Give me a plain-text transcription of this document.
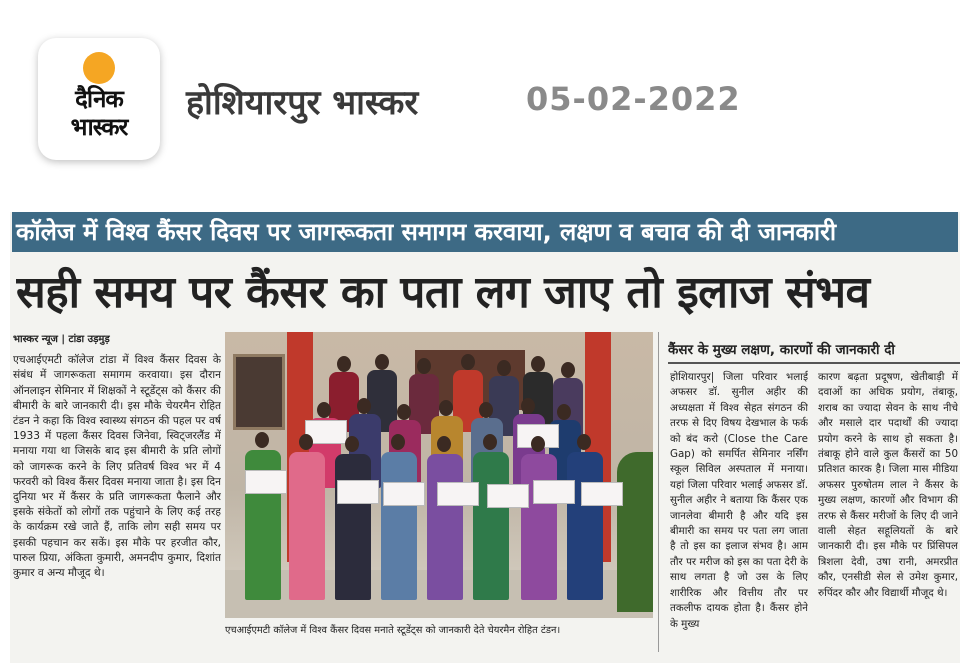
दैनिक
भास्कर
होशियारपुर भास्कर	05-02-2022
कॉलेज में विश्व कैंसर दिवस पर जागरूकता समागम करवाया, लक्षण व बचाव की दी जानकारी
सही समय पर कैंसर का पता लग जाए तो इलाज संभव
भास्कर न्यूज | टांडा उड़मुड़
एचआईएमटी कॉलेज टांडा में विश्व कैंसर दिवस के संबंध में जागरूकता समागम करवाया। इस दौरान ऑनलाइन सेमिनार में शिक्षकों ने स्टूडेंट्स को कैंसर की बीमारी के बारे जानकारी दी। इस मौके चेयरमैन रोहित टंडन ने कहा कि विश्व स्वास्थ्य संगठन की पहल पर वर्ष 1933 में पहला कैंसर दिवस जिनेवा, स्विट्जरलैंड में मनाया गया था जिसके बाद इस बीमारी के प्रति लोगों को जागरूक करने के लिए प्रतिवर्ष विश्व भर में 4 फरवरी को विश्व कैंसर दिवस मनाया जाता है। इस दिन दुनिया भर में कैंसर के प्रति जागरूकता फैलाने और इसके संकेतों को लोगों तक पहुंचाने के लिए कई तरह के कार्यक्रम रखे जाते हैं, ताकि लोग सही समय पर इसकी पहचान कर सकें। इस मौके पर हरजीत कौर, पारुल प्रिया, अंकिता कुमारी, अमनदीप कुमार, दिशांत कुमार व अन्य मौजूद थे।
एचआईएमटी कॉलेज में विश्व कैंसर दिवस मनाते स्टूडेंट्स को जानकारी देते चेयरमैन रोहित टंडन।
कैंसर के मुख्य लक्षण, कारणों की जानकारी दी
होशियारपुर| जिला परिवार भलाई अफसर डॉ. सुनील अहीर की अध्यक्षता में विश्व सेहत संगठन की तरफ से दिए विषय देखभाल के फर्क को बंद करो (Close the Care Gap) को समर्पित सेमिनार नर्सिंग स्कूल सिविल अस्पताल में मनाया। यहां जिला परिवार भलाई अफसर डॉ. सुनील अहीर ने बताया कि कैंसर एक जानलेवा बीमारी है और यदि इस बीमारी का समय पर पता लग जाता है तो इस का इलाज संभव है। आम तौर पर मरीज को इस का पता देरी के साथ लगता है जो उस के लिए शारीरिक और वित्तीय तौर पर तकलीफ दायक होता है। कैंसर होने के मुख्य
कारण बढ़ता प्रदूषण, खेतीबाड़ी में दवाओं का अधिक प्रयोग, तंबाकू, शराब का ज्यादा सेवन के साथ नीचे और मसाले दार पदार्थों की ज्यादा प्रयोग करने के साथ हो सकता है। तंबाकू होने वाले कुल कैंसरों का 50 प्रतिशत कारक है। जिला मास मीडिया अफसर पुरुषोतम लाल ने कैंसर के मुख्य लक्षण, कारणों और विभाग की तरफ से कैंसर मरीजों के लिए दी जाने वाली सेहत सहूलियतों के बारे जानकारी दी। इस मौके पर प्रिंसिपल त्रिशला देवी, उषा रानी, अमरप्रीत कौर, एनसीडी सेल से उमेश कुमार, रुपिंदर कौर और विद्यार्थी मौजूद थे।
